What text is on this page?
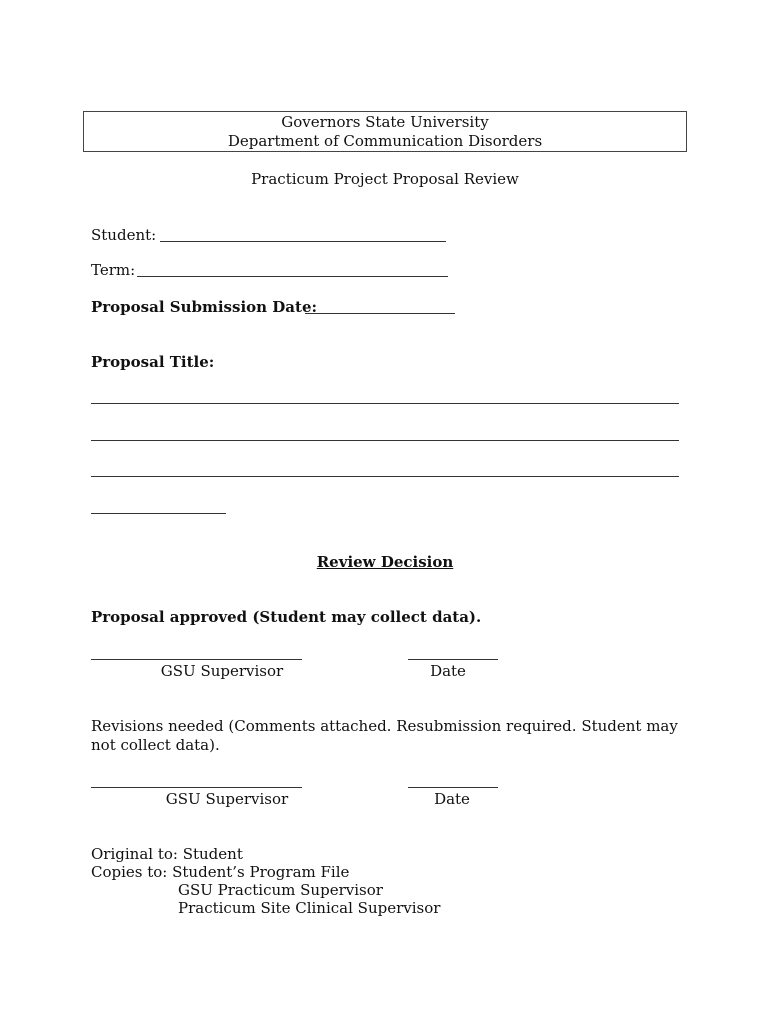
Governors State University
Department of Communication Disorders
Practicum Project Proposal Review
Student:
Term:
Proposal Submission Date:
Proposal Title:
Review Decision
Proposal approved (Student may collect data).
GSU Supervisor	Date
Revisions needed (Comments attached. Resubmission required. Student may
not collect data).
GSU Supervisor	Date
Original to: Student
Copies to: Student’s Program File
GSU Practicum Supervisor
Practicum Site Clinical Supervisor
